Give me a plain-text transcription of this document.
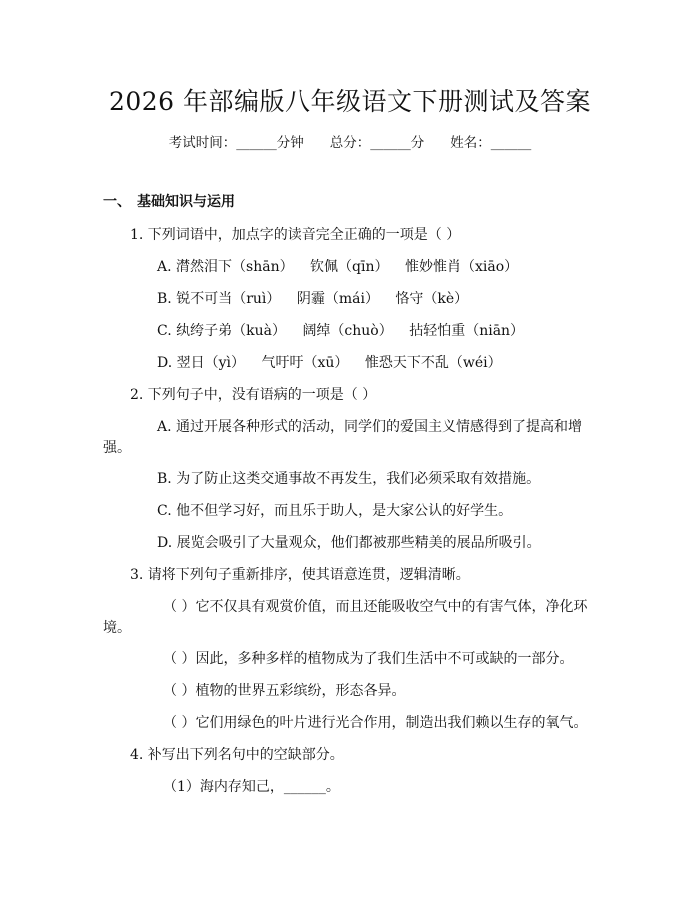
2026 年部编版八年级语文下册测试及答案
考试时间：______分钟 总分：______分 姓名：______
一、 基础知识与运用
1. 下列词语中，加点字的读音完全正确的一项是（ ）
A. 潸然泪下（shān） 钦佩（qīn） 惟妙惟肖（xiāo）
B. 锐不可当（ruì） 阴霾（mái） 恪守（kè）
C. 纨绔子弟（kuà） 阔绰（chuò） 拈轻怕重（niān）
D. 翌日（yì） 气吁吁（xū） 惟恐天下不乱（wéi）
2. 下列句子中，没有语病的一项是（ ）
A. 通过开展各种形式的活动，同学们的爱国主义情感得到了提高和增
强。
B. 为了防止这类交通事故不再发生，我们必须采取有效措施。
C. 他不但学习好，而且乐于助人，是大家公认的好学生。
D. 展览会吸引了大量观众，他们都被那些精美的展品所吸引。
3. 请将下列句子重新排序，使其语意连贯，逻辑清晰。
（ ）它不仅具有观赏价值，而且还能吸收空气中的有害气体，净化环
境。
（ ）因此，多种多样的植物成为了我们生活中不可或缺的一部分。
（ ）植物的世界五彩缤纷，形态各异。
（ ）它们用绿色的叶片进行光合作用，制造出我们赖以生存的氧气。
4. 补写出下列名句中的空缺部分。
（1）海内存知己，______。
